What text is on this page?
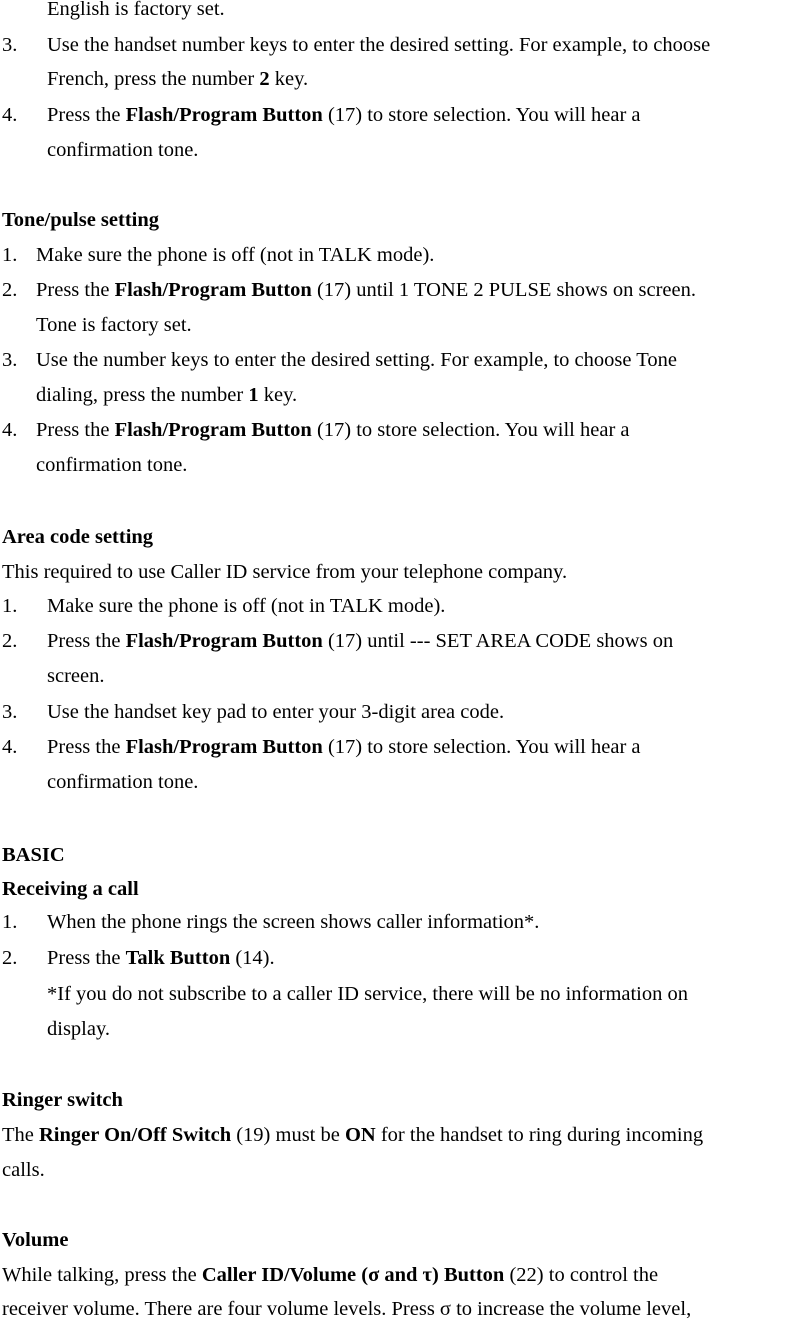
English is factory set.
3. Use the handset number keys to enter the desired setting. For example, to choose
French, press the number 2 key.
4. Press the Flash/Program Button (17) to store selection. You will hear a
confirmation tone.
Tone/pulse setting
1. Make sure the phone is off (not in TALK mode).
2. Press the Flash/Program Button (17) until 1 TONE 2 PULSE shows on screen.
Tone is factory set.
3. Use the number keys to enter the desired setting. For example, to choose Tone
dialing, press the number 1 key.
4. Press the Flash/Program Button (17) to store selection. You will hear a
confirmation tone.
Area code setting
This required to use Caller ID service from your telephone company.
1. Make sure the phone is off (not in TALK mode).
2. Press the Flash/Program Button (17) until --- SET AREA CODE shows on
screen.
3. Use the handset key pad to enter your 3-digit area code.
4. Press the Flash/Program Button (17) to store selection. You will hear a
confirmation tone.
BASIC
Receiving a call
1. When the phone rings the screen shows caller information*.
2. Press the Talk Button (14).
*If you do not subscribe to a caller ID service, there will be no information on
display.
Ringer switch
The Ringer On/Off Switch (19) must be ON for the handset to ring during incoming
calls.
Volume
While talking, press the Caller ID/Volume (σ and τ) Button (22) to control the
receiver volume. There are four volume levels. Press σ to increase the volume level,
